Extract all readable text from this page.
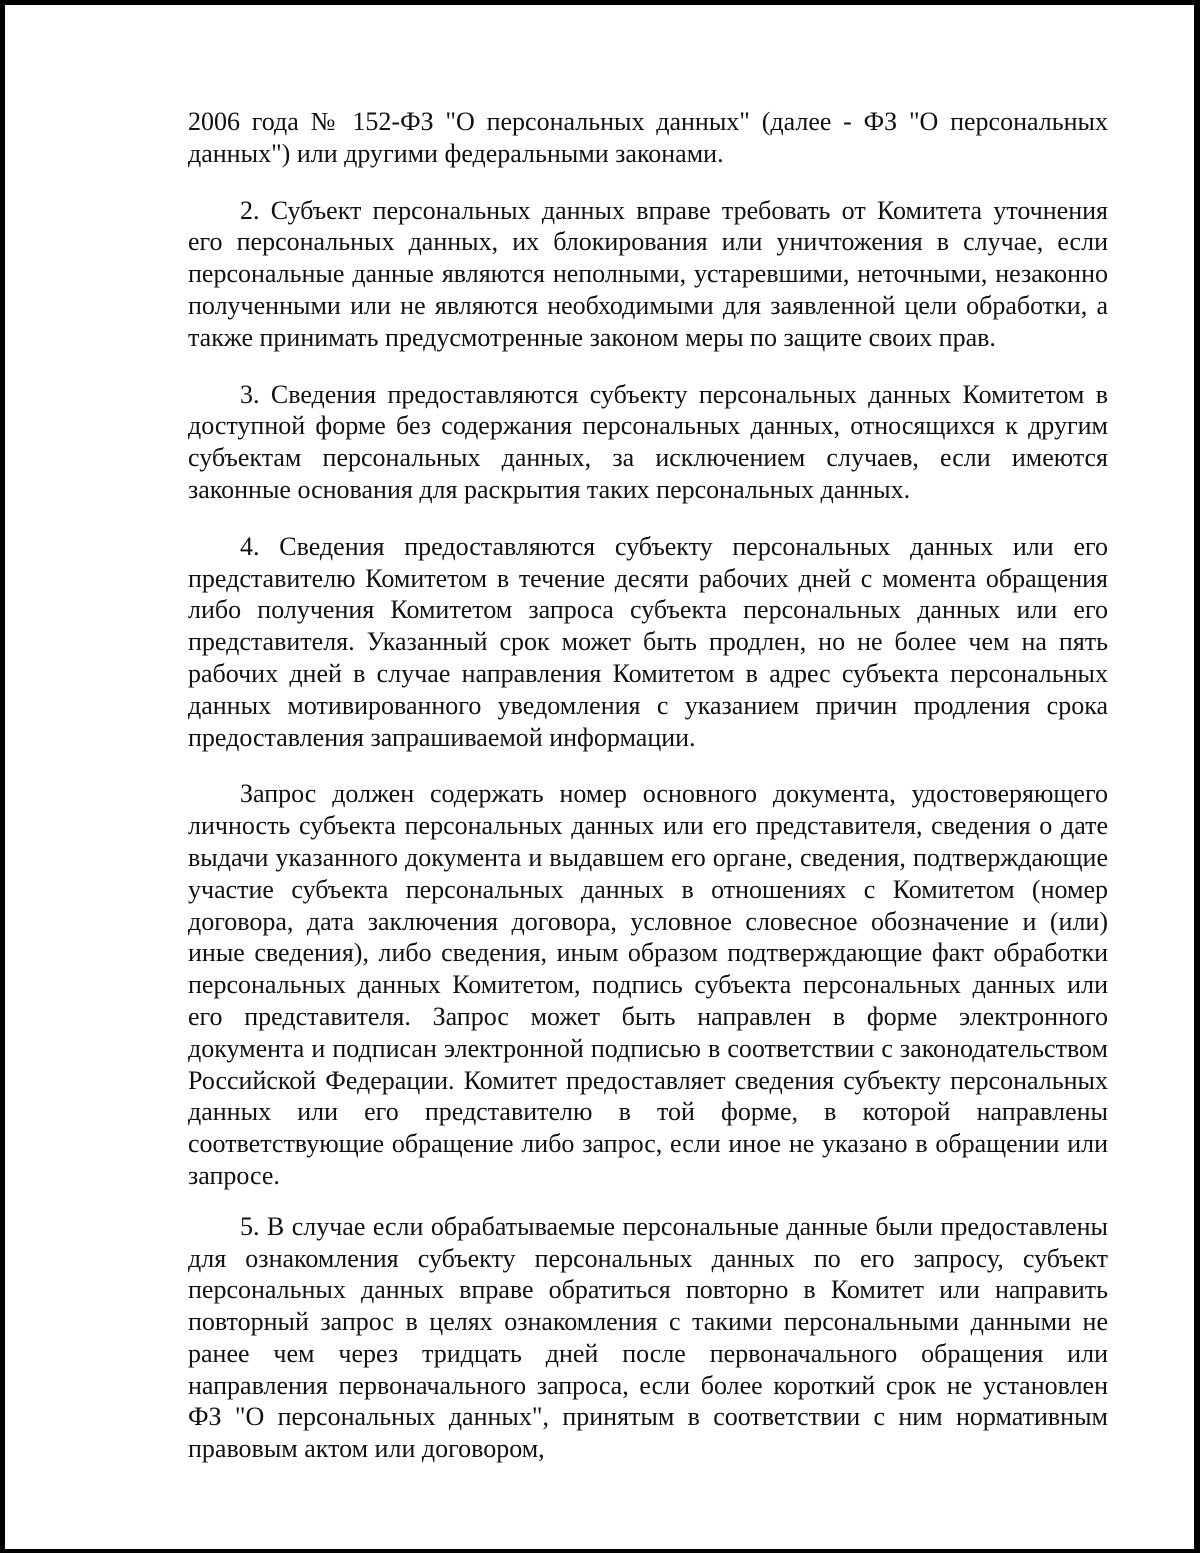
2006 года № 152-ФЗ "О персональных данных" (далее - ФЗ "О персональных данных") или другими федеральными законами.

2. Субъект персональных данных вправе требовать от Комитета уточнения его персональных данных, их блокирования или уничтожения в случае, если персональные данные являются неполными, устаревшими, неточными, незаконно полученными или не являются необходимыми для заявленной цели обработки, а также принимать предусмотренные законом меры по защите своих прав.

3. Сведения предоставляются субъекту персональных данных Комитетом в доступной форме без содержания персональных данных, относящихся к другим субъектам персональных данных, за исключением случаев, если имеются законные основания для раскрытия таких персональных данных.

4. Сведения предоставляются субъекту персональных данных или его представителю Комитетом в течение десяти рабочих дней с момента обращения либо получения Комитетом запроса субъекта персональных данных или его представителя. Указанный срок может быть продлен, но не более чем на пять рабочих дней в случае направления Комитетом в адрес субъекта персональных данных мотивированного уведомления с указанием причин продления срока предоставления запрашиваемой информации.

Запрос должен содержать номер основного документа, удостоверяющего личность субъекта персональных данных или его представителя, сведения о дате выдачи указанного документа и выдавшем его органе, сведения, подтверждающие участие субъекта персональных данных в отношениях с Комитетом (номер договора, дата заключения договора, условное словесное обозначение и (или) иные сведения), либо сведения, иным образом подтверждающие факт обработки персональных данных Комитетом, подпись субъекта персональных данных или его представителя. Запрос может быть направлен в форме электронного документа и подписан электронной подписью в соответствии с законодательством Российской Федерации. Комитет предоставляет сведения субъекту персональных данных или его представителю в той форме, в которой направлены соответствующие обращение либо запрос, если иное не указано в обращении или запросе.

5. В случае если обрабатываемые персональные данные были предоставлены для ознакомления субъекту персональных данных по его запросу, субъект персональных данных вправе обратиться повторно в Комитет или направить повторный запрос в целях ознакомления с такими персональными данными не ранее чем через тридцать дней после первоначального обращения или направления первоначального запроса, если более короткий срок не установлен ФЗ "О персональных данных", принятым в соответствии с ним нормативным правовым актом или договором,
